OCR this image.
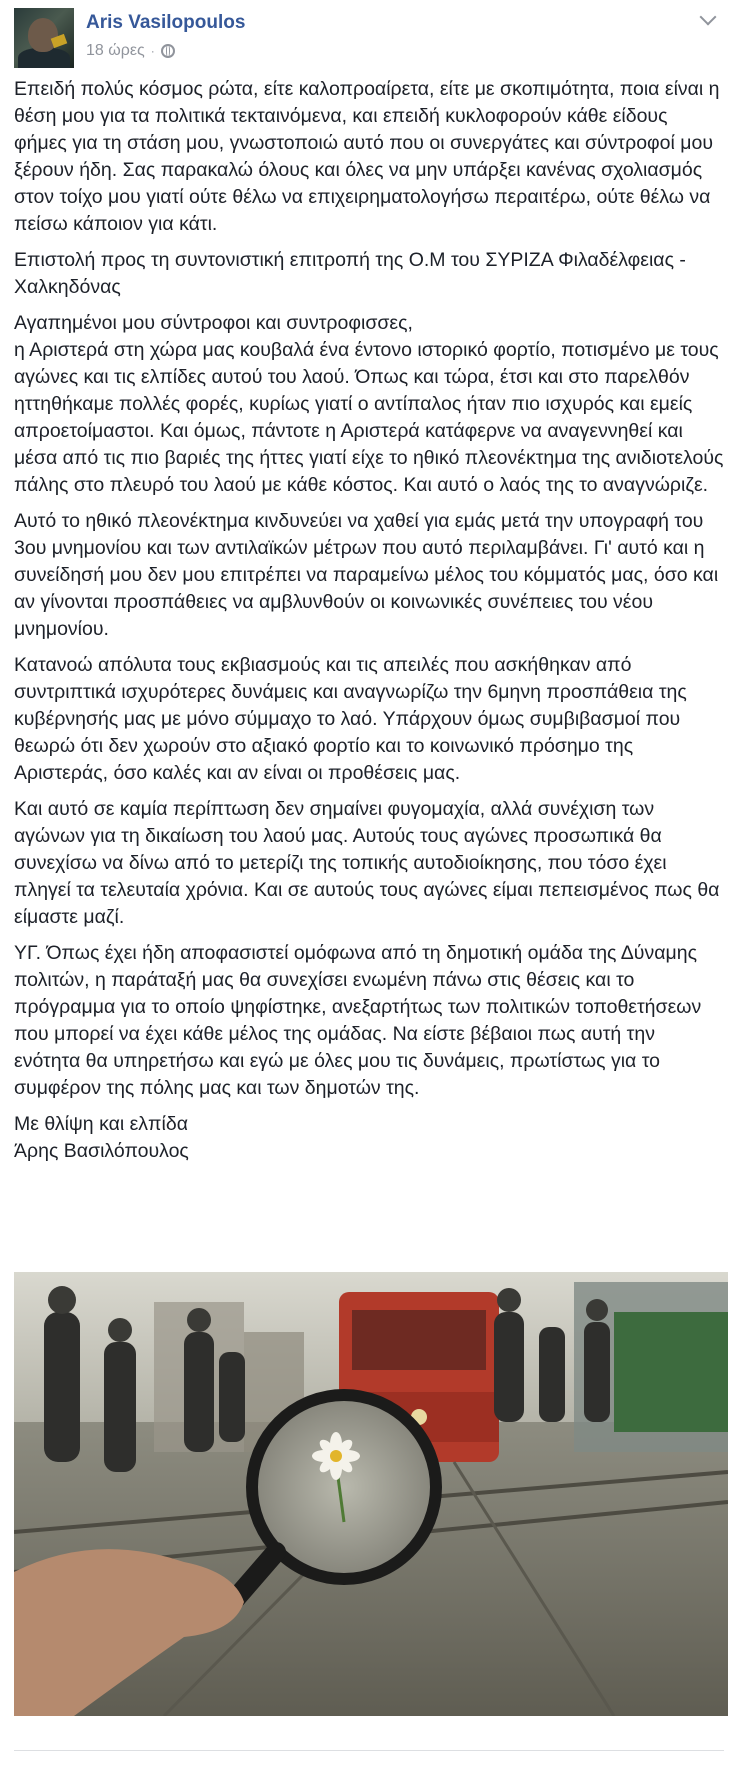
Aris Vasilopoulos
18 ώρες ·

Επειδή πολύς κόσμος ρώτα, είτε καλοπροαίρετα, είτε με σκοπιμότητα, ποια είναι η θέση μου για τα πολιτικά τεκταινόμενα, και επειδή κυκλοφορούν κάθε είδους φήμες για τη στάση μου, γνωστοποιώ αυτό που οι συνεργάτες και σύντροφοί μου ξέρουν ήδη. Σας παρακαλώ όλους και όλες να μην υπάρξει κανένας σχολιασμός στον τοίχο μου γιατί ούτε θέλω να επιχειρηματολογήσω περαιτέρω, ούτε θέλω να πείσω κάποιον για κάτι.

Επιστολή προς τη συντονιστική επιτροπή της Ο.Μ του ΣΥΡΙΖΑ Φιλαδέλφειας - Χαλκηδόνας

Αγαπημένοι μου σύντροφοι και συντροφισσες,
η Αριστερά στη χώρα μας κουβαλά ένα έντονο ιστορικό φορτίο, ποτισμένο με τους αγώνες και τις ελπίδες αυτού του λαού. Όπως και τώρα, έτσι και στο παρελθόν ηττηθήκαμε πολλές φορές, κυρίως γιατί ο αντίπαλος ήταν πιο ισχυρός και εμείς απροετοίμαστοι. Και όμως, πάντοτε η Αριστερά κατάφερνε να αναγεννηθεί και μέσα από τις πιο βαριές της ήττες γιατί είχε το ηθικό πλεονέκτημα της ανιδιοτελούς πάλης στο πλευρό του λαού με κάθε κόστος. Και αυτό ο λαός της το αναγνώριζε.

Αυτό το ηθικό πλεονέκτημα κινδυνεύει να χαθεί για εμάς μετά την υπογραφή του 3ου μνημονίου και των αντιλαϊκών μέτρων που αυτό περιλαμβάνει. Γι' αυτό και η συνείδησή μου δεν μου επιτρέπει να παραμείνω μέλος του κόμματός μας, όσο και αν γίνονται προσπάθειες να αμβλυνθούν οι κοινωνικές συνέπειες του νέου μνημονίου.

Κατανοώ απόλυτα τους εκβιασμούς και τις απειλές που ασκήθηκαν από συντριπτικά ισχυρότερες δυνάμεις και αναγνωρίζω την 6μηνη προσπάθεια της κυβέρνησής μας με μόνο σύμμαχο το λαό. Υπάρχουν όμως συμβιβασμοί που θεωρώ ότι δεν χωρούν στο αξιακό φορτίο και το κοινωνικό πρόσημο της Αριστεράς, όσο καλές και αν είναι οι προθέσεις μας.

Και αυτό σε καμία περίπτωση δεν σημαίνει φυγομαχία, αλλά συνέχιση των αγώνων για τη δικαίωση του λαού μας. Αυτούς τους αγώνες προσωπικά θα συνεχίσω να δίνω από το μετερίζι της τοπικής αυτοδιοίκησης, που τόσο έχει πληγεί τα τελευταία χρόνια. Και σε αυτούς τους αγώνες είμαι πεπεισμένος πως θα είμαστε μαζί.

ΥΓ. Όπως έχει ήδη αποφασιστεί ομόφωνα από τη δημοτική ομάδα της Δύναμης πολιτών, η παράταξή μας θα συνεχίσει ενωμένη πάνω στις θέσεις και το πρόγραμμα για το οποίο ψηφίστηκε, ανεξαρτήτως των πολιτικών τοποθετήσεων που μπορεί να έχει κάθε μέλος της ομάδας. Να είστε βέβαιοι πως αυτή την ενότητα θα υπηρετήσω και εγώ με όλες μου τις δυνάμεις, πρωτίστως για το συμφέρον της πόλης μας και των δημοτών της.

Με θλίψη και ελπίδα
Άρης Βασιλόπουλος
